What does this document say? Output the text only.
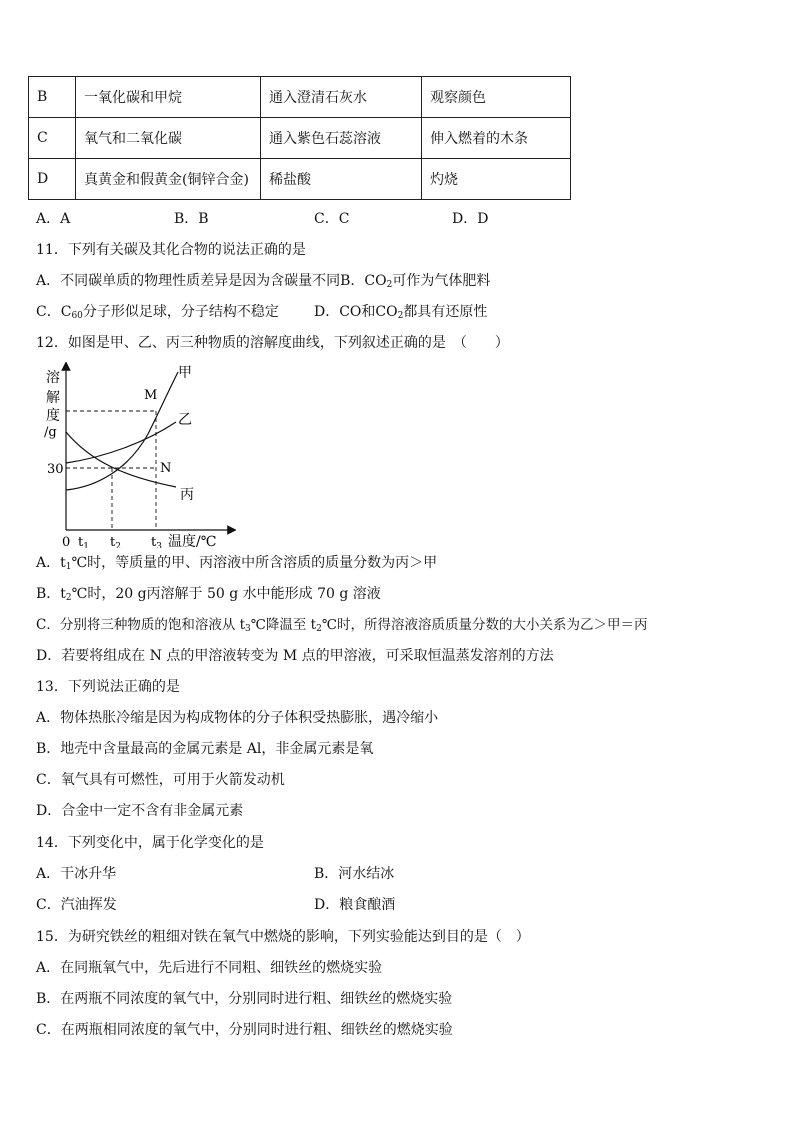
B	一氧化碳和甲烷	通入澄清石灰水	观察颜色
C	氧气和二氧化碳	通入紫色石蕊溶液	伸入燃着的木条
D	真黄金和假黄金(铜锌合金)	稀盐酸	灼烧
A．A	B．B	C．C	D．D
11．下列有关碳及其化合物的说法正确的是
A．不同碳单质的物理性质差异是因为含碳量不同B．$CO_2$可作为气体肥料
C．$C_{60}$分子形似足球，分子结构不稳定	D．CO和$CO_2$都具有还原性
12．如图是甲、乙、丙三种物质的溶解度曲线，下列叙述正确的是　（　　）
溶
解
度
/g
30
0 $t_1$ $t_2$ $t_3$ 温度/℃
甲
乙
丙
M
N
A．$t_1℃$时，等质量的甲、丙溶液中所含溶质的质量分数为丙＞甲
B．$t_2℃$时，20 g丙溶解于 50 g 水中能形成 70 g 溶液
C．分别将三种物质的饱和溶液从 $t_3℃$降温至 $t_2℃$时，所得溶液溶质质量分数的大小关系为乙＞甲＝丙
D．若要将组成在 N 点的甲溶液转变为 M 点的甲溶液，可采取恒温蒸发溶剂的方法
13．下列说法正确的是
A．物体热胀冷缩是因为构成物体的分子体积受热膨胀，遇冷缩小
B．地壳中含量最高的金属元素是 Al，非金属元素是氧
C．氧气具有可燃性，可用于火箭发动机
D．合金中一定不含有非金属元素
14．下列变化中，属于化学变化的是
A．干冰升华	B．河水结冰
C．汽油挥发	D．粮食酿酒
15．为研究铁丝的粗细对铁在氧气中燃烧的影响，下列实验能达到目的是（　）
A．在同瓶氧气中，先后进行不同粗、细铁丝的燃烧实验
B．在两瓶不同浓度的氧气中，分别同时进行粗、细铁丝的燃烧实验
C．在两瓶相同浓度的氧气中，分别同时进行粗、细铁丝的燃烧实验
